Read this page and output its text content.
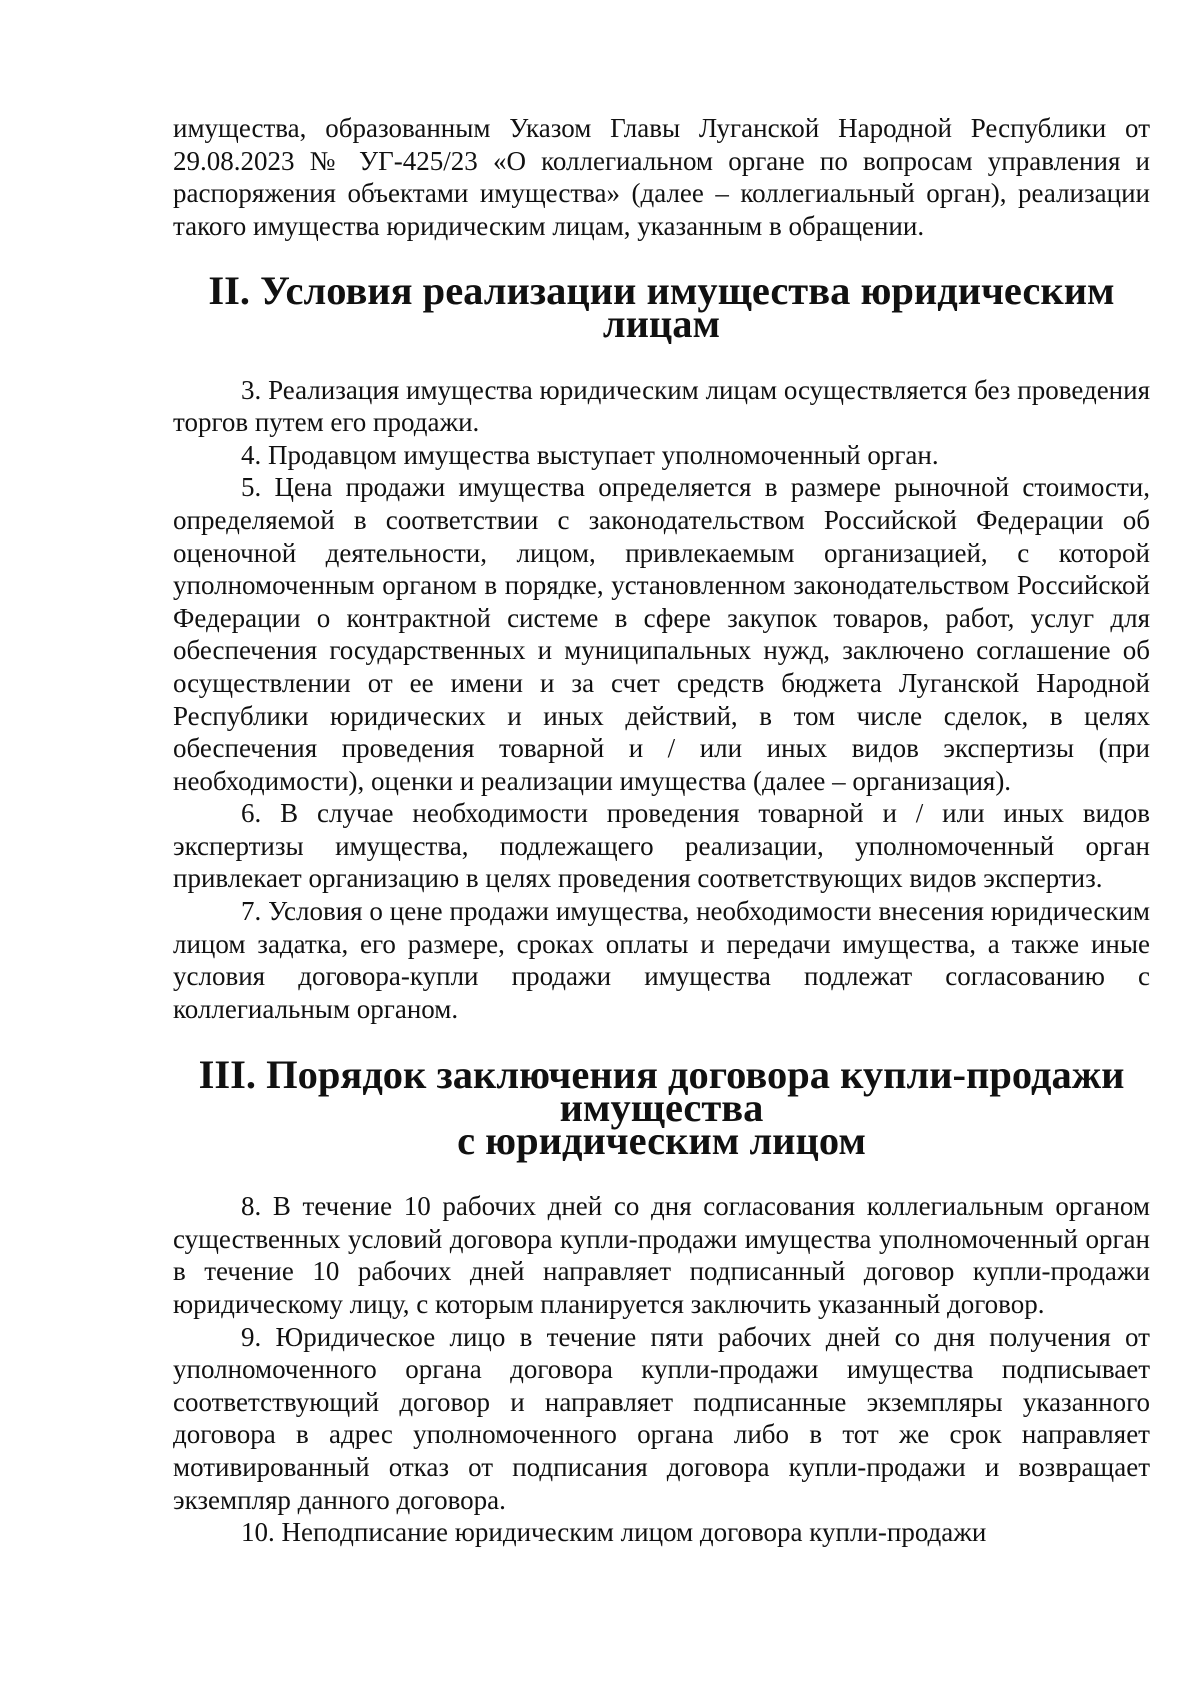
имущества, образованным Указом Главы Луганской Народной Республики от 29.08.2023 № УГ-425/23 «О коллегиальном органе по вопросам управления и распоряжения объектами имущества» (далее – коллегиальный орган), реализации такого имущества юридическим лицам, указанным в обращении.

II. Условия реализации имущества юридическим лицам

3. Реализация имущества юридическим лицам осуществляется без проведения торгов путем его продажи.

4. Продавцом имущества выступает уполномоченный орган.

5. Цена продажи имущества определяется в размере рыночной стоимости, определяемой в соответствии с законодательством Российской Федерации об оценочной деятельности, лицом, привлекаемым организацией, с которой уполномоченным органом в порядке, установленном законодательством Российской Федерации о контрактной системе в сфере закупок товаров, работ, услуг для обеспечения государственных и муниципальных нужд, заключено соглашение об осуществлении от ее имени и за счет средств бюджета Луганской Народной Республики юридических и иных действий, в том числе сделок, в целях обеспечения проведения товарной и / или иных видов экспертизы (при необходимости), оценки и реализации имущества (далее – организация).

6. В случае необходимости проведения товарной и / или иных видов экспертизы имущества, подлежащего реализации, уполномоченный орган привлекает организацию в целях проведения соответствующих видов экспертиз.

7. Условия о цене продажи имущества, необходимости внесения юридическим лицом задатка, его размере, сроках оплаты и передачи имущества, а также иные условия договора-купли продажи имущества подлежат согласованию с коллегиальным органом.

III. Порядок заключения договора купли-продажи имущества
с юридическим лицом

8. В течение 10 рабочих дней со дня согласования коллегиальным органом существенных условий договора купли-продажи имущества уполномоченный орган в течение 10 рабочих дней направляет подписанный договор купли-продажи юридическому лицу, с которым планируется заключить указанный договор.

9. Юридическое лицо в течение пяти рабочих дней со дня получения от уполномоченного органа договора купли-продажи имущества подписывает соответствующий договор и направляет подписанные экземпляры указанного договора в адрес уполномоченного органа либо в тот же срок направляет мотивированный отказ от подписания договора купли-продажи и возвращает экземпляр данного договора.

10. Неподписание юридическим лицом договора купли-продажи
